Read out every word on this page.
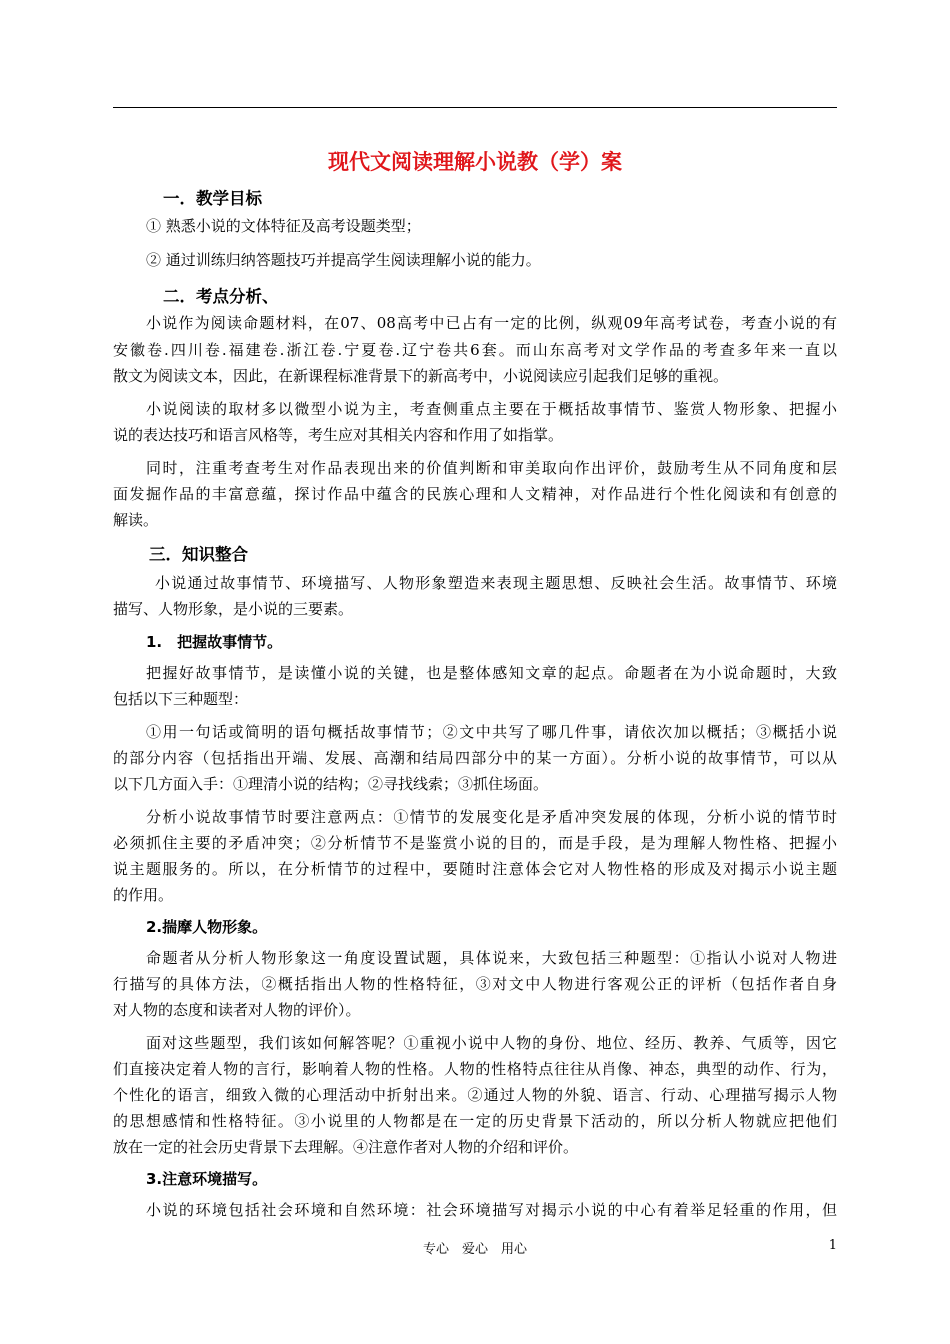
现代文阅读理解小说教（学）案
一．教学目标
① 熟悉小说的文体特征及高考设题类型；
② 通过训练归纳答题技巧并提高学生阅读理解小说的能力。
二．考点分析、
小说作为阅读命题材料，在07、08高考中已占有一定的比例，纵观09年高考试卷，考查小说的有
安徽卷.四川卷.福建卷.浙江卷.宁夏卷.辽宁卷共6套。而山东高考对文学作品的考查多年来一直以
散文为阅读文本，因此，在新课程标准背景下的新高考中，小说阅读应引起我们足够的重视。
小说阅读的取材多以微型小说为主，考查侧重点主要在于概括故事情节、鉴赏人物形象、把握小
说的表达技巧和语言风格等，考生应对其相关内容和作用了如指掌。
同时，注重考查考生对作品表现出来的价值判断和审美取向作出评价，鼓励考生从不同角度和层
面发掘作品的丰富意蕴，探讨作品中蕴含的民族心理和人文精神，对作品进行个性化阅读和有创意的
解读。
三．知识整合
小说通过故事情节、环境描写、人物形象塑造来表现主题思想、反映社会生活。故事情节、环境
描写、人物形象，是小说的三要素。
1.　把握故事情节。
把握好故事情节，是读懂小说的关键，也是整体感知文章的起点。命题者在为小说命题时，大致
包括以下三种题型：
①用一句话或简明的语句概括故事情节；②文中共写了哪几件事，请依次加以概括；③概括小说
的部分内容（包括指出开端、发展、高潮和结局四部分中的某一方面）。分析小说的故事情节，可以从
以下几方面入手：①理清小说的结构；②寻找线索；③抓住场面。
分析小说故事情节时要注意两点：①情节的发展变化是矛盾冲突发展的体现，分析小说的情节时
必须抓住主要的矛盾冲突；②分析情节不是鉴赏小说的目的，而是手段，是为理解人物性格、把握小
说主题服务的。所以，在分析情节的过程中，要随时注意体会它对人物性格的形成及对揭示小说主题
的作用。
2.揣摩人物形象。
命题者从分析人物形象这一角度设置试题，具体说来，大致包括三种题型：①指认小说对人物进
行描写的具体方法，②概括指出人物的性格特征，③对文中人物进行客观公正的评析（包括作者自身
对人物的态度和读者对人物的评价）。
面对这些题型，我们该如何解答呢？①重视小说中人物的身份、地位、经历、教养、气质等，因它
们直接决定着人物的言行，影响着人物的性格。人物的性格特点往往从肖像、神态，典型的动作、行为，
个性化的语言，细致入微的心理活动中折射出来。②通过人物的外貌、语言、行动、心理描写揭示人物
的思想感情和性格特征。③小说里的人物都是在一定的历史背景下活动的，所以分析人物就应把他们
放在一定的社会历史背景下去理解。④注意作者对人物的介绍和评价。
3.注意环境描写。
小说的环境包括社会环境和自然环境：社会环境描写对揭示小说的中心有着举足轻重的作用，但
专心　爱心　用心	1
